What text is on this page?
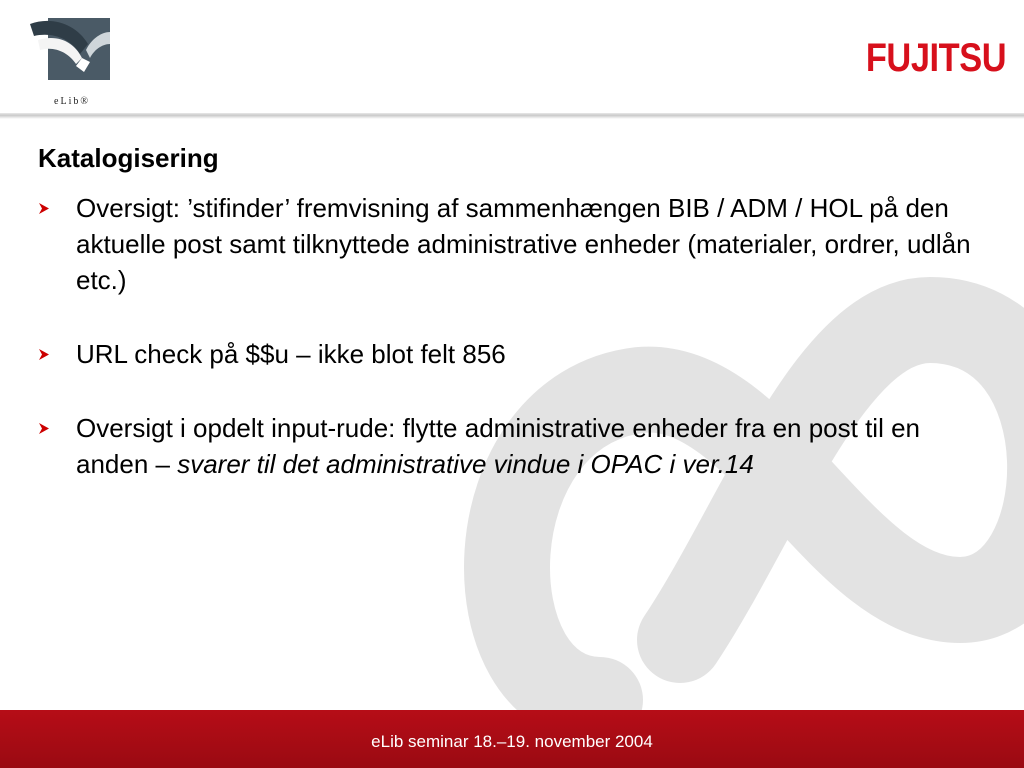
eLib®
FUJITSU
Katalogisering
Oversigt: ’stifinder’ fremvisning af sammenhængen BIB / ADM / HOL på den aktuelle post samt tilknyttede administrative enheder (materialer, ordrer, udlån etc.)
URL check på $$u – ikke blot felt 856
Oversigt i opdelt input-rude: flytte administrative enheder fra en post til en anden – svarer til det administrative vindue i OPAC i ver.14
eLib seminar 18.–19. november 2004
